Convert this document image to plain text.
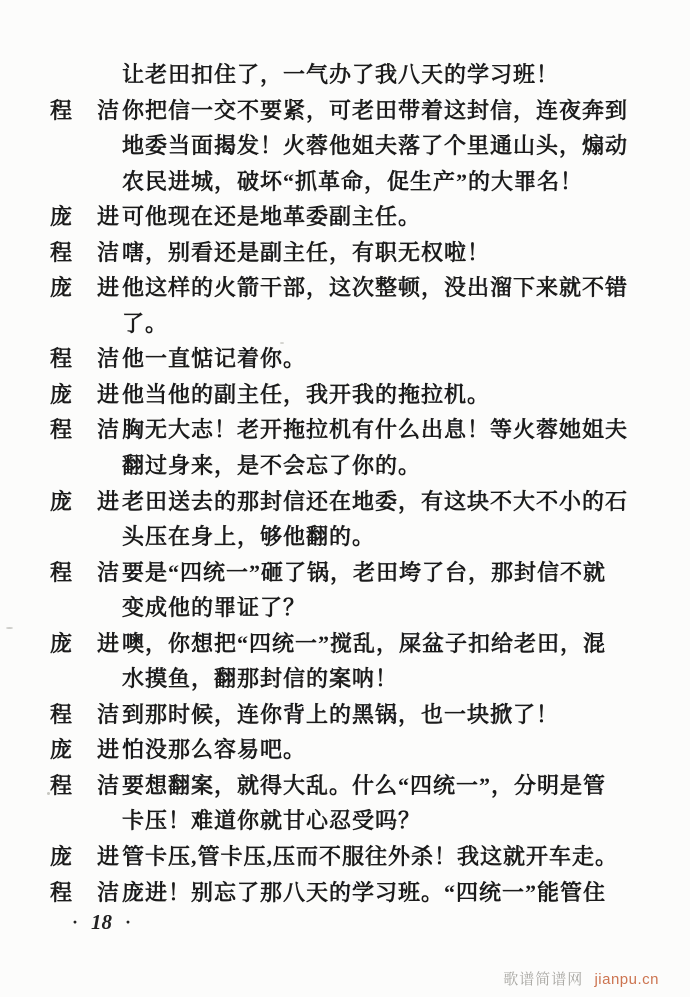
让老田扣住了，一气办了我八天的学习班！
程　洁 你把信一交不要紧，可老田带着这封信，连夜奔到
地委当面揭发！火蓉他姐夫落了个里通山头，煽动
农民进城，破坏“抓革命，促生产”的大罪名！
庞　进 可他现在还是地革委副主任。
程　洁 嗐，别看还是副主任，有职无权啦！
庞　进 他这样的火箭干部，这次整顿，没出溜下来就不错
了。
程　洁 他一直惦记着你。
庞　进 他当他的副主任，我开我的拖拉机。
程　洁 胸无大志！老开拖拉机有什么出息！等火蓉她姐夫
翻过身来，是不会忘了你的。
庞　进 老田送去的那封信还在地委，有这块不大不小的石
头压在身上，够他翻的。
程　洁 要是“四统一”砸了锅，老田垮了台，那封信不就
变成他的罪证了？
庞　进 噢，你想把“四统一”搅乱，屎盆子扣给老田，混
水摸鱼，翻那封信的案呐！
程　洁 到那时候，连你背上的黑锅，也一块掀了！
庞　进 怕没那么容易吧。
程　洁 要想翻案，就得大乱。什么“四统一”，分明是管
卡压！难道你就甘心忍受吗？
庞　进 管卡压,管卡压,压而不服往外杀！我这就开车走。
程　洁 庞进！别忘了那八天的学习班。“四统一”能管住
· 18 ·
歌谱简谱网 jianpu.cn
